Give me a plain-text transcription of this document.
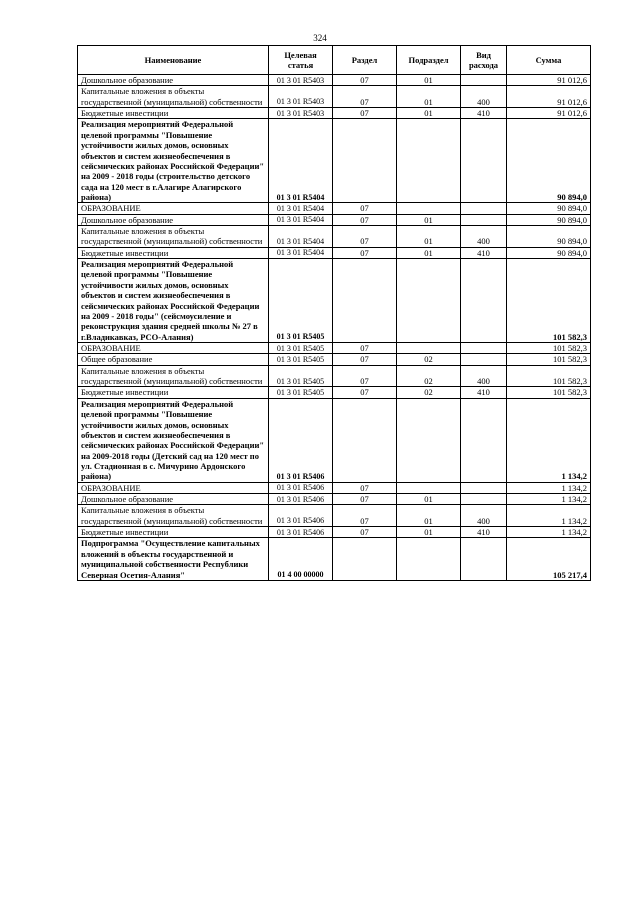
324
Наименование	Целевая статья	Раздел	Подраздел	Вид расхода	Сумма
Дошкольное образование	01 3 01 R5403	07	01		91 012,6
Капитальные вложения в объекты государственной (муниципальной) собственности	01 3 01 R5403	07	01	400	91 012,6
Бюджетные инвестиции	01 3 01 R5403	07	01	410	91 012,6
Реализация мероприятий Федеральной целевой программы "Повышение устойчивости жилых домов, основных объектов и систем жизнеобеспечения в сейсмических районах Российской Федерации" на 2009 - 2018 годы (строительство детского сада на 120 мест в г.Алагире Алагирского района)	01 3 01 R5404				90 894,0
ОБРАЗОВАНИЕ	01 3 01 R5404	07			90 894,0
Дошкольное образование	01 3 01 R5404	07	01		90 894,0
Капитальные вложения в объекты государственной (муниципальной) собственности	01 3 01 R5404	07	01	400	90 894,0
Бюджетные инвестиции	01 3 01 R5404	07	01	410	90 894,0
Реализация мероприятий Федеральной целевой программы "Повышение устойчивости жилых домов, основных объектов и систем жизнеобеспечения в сейсмических районах Российской Федерации на 2009 - 2018 годы" (сейсмоусиление и реконструкция здания средней школы № 27 в г.Владикавказ, РСО-Алания)	01 3 01 R5405				101 582,3
ОБРАЗОВАНИЕ	01 3 01 R5405	07			101 582,3
Общее образование	01 3 01 R5405	07	02		101 582,3
Капитальные вложения в объекты государственной (муниципальной) собственности	01 3 01 R5405	07	02	400	101 582,3
Бюджетные инвестиции	01 3 01 R5405	07	02	410	101 582,3
Реализация мероприятий Федеральной целевой программы "Повышение устойчивости жилых домов, основных объектов и систем жизнеобеспечения в сейсмических районах Российской Федерации" на 2009-2018 годы (Детский сад на 120 мест по ул. Стадионная в с. Мичурино Ардонского района)	01 3 01 R5406				1 134,2
ОБРАЗОВАНИЕ	01 3 01 R5406	07			1 134,2
Дошкольное образование	01 3 01 R5406	07	01		1 134,2
Капитальные вложения в объекты государственной (муниципальной) собственности	01 3 01 R5406	07	01	400	1 134,2
Бюджетные инвестиции	01 3 01 R5406	07	01	410	1 134,2
Подпрограмма "Осуществление капитальных вложений в объекты государственной и муниципальной собственности Республики Северная Осетия-Алания"	01 4 00 00000				105 217,4
